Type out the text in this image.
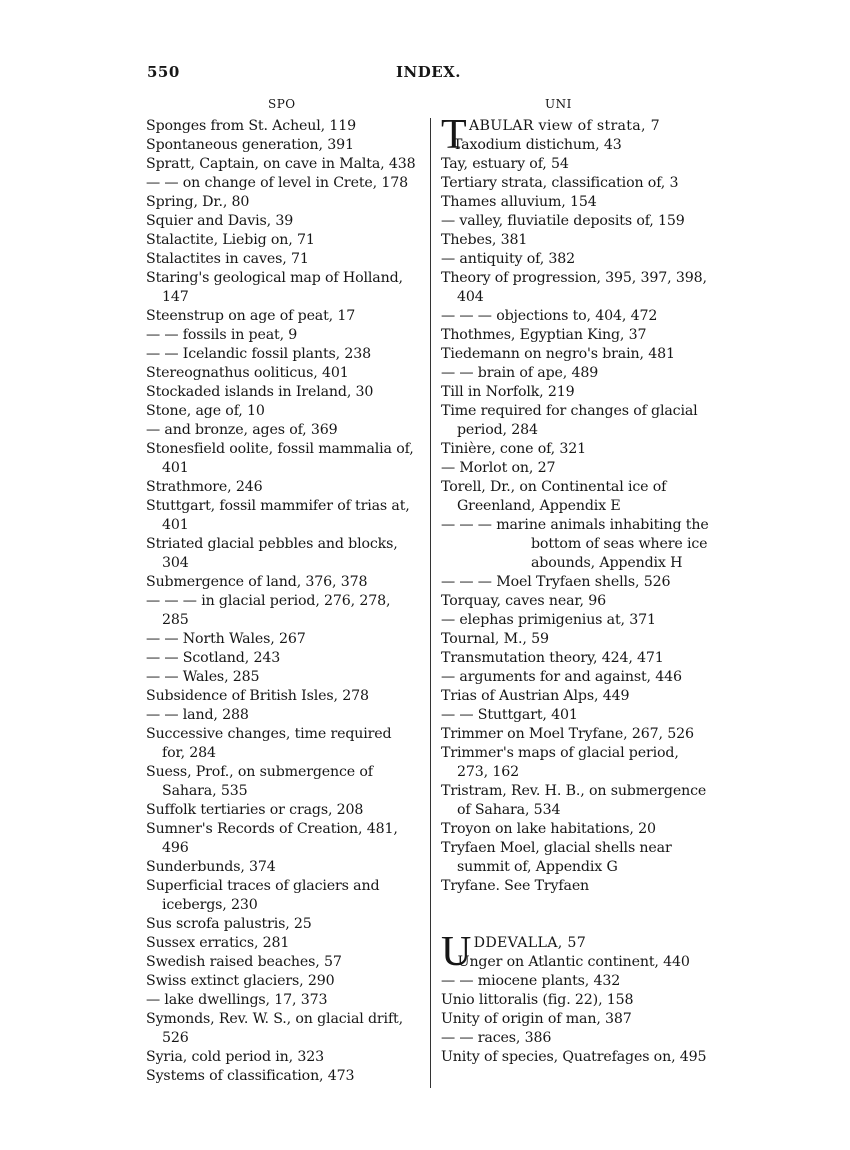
550	INDEX.
SPO	UNI
Sponges from St. Acheul, 119
Spontaneous generation, 391
Spratt, Captain, on cave in Malta, 438
— — on change of level in Crete, 178
Spring, Dr., 80
Squier and Davis, 39
Stalactite, Liebig on, 71
Stalactites in caves, 71
Staring's geological map of Holland, 147
Steenstrup on age of peat, 17
— — fossils in peat, 9
— — Icelandic fossil plants, 238
Stereognathus ooliticus, 401
Stockaded islands in Ireland, 30
Stone, age of, 10
— and bronze, ages of, 369
Stonesfield oolite, fossil mammalia of, 401
Strathmore, 246
Stuttgart, fossil mammifer of trias at, 401
Striated glacial pebbles and blocks, 304
Submergence of land, 376, 378
— — — in glacial period, 276, 278, 285
— — North Wales, 267
— — Scotland, 243
— — Wales, 285
Subsidence of British Isles, 278
— — land, 288
Successive changes, time required for, 284
Suess, Prof., on submergence of Sahara, 535
Suffolk tertiaries or crags, 208
Sumner's Records of Creation, 481, 496
Sunderbunds, 374
Superficial traces of glaciers and icebergs, 230
Sus scrofa palustris, 25
Sussex erratics, 281
Swedish raised beaches, 57
Swiss extinct glaciers, 290
— lake dwellings, 17, 373
Symonds, Rev. W. S., on glacial drift, 526
Syria, cold period in, 323
Systems of classification, 473
TABULAR view of strata, 7
Taxodium distichum, 43
Tay, estuary of, 54
Tertiary strata, classification of, 3
Thames alluvium, 154
— valley, fluviatile deposits of, 159
Thebes, 381
— antiquity of, 382
Theory of progression, 395, 397, 398, 404
— — — objections to, 404, 472
Thothmes, Egyptian King, 37
Tiedemann on negro's brain, 481
— — brain of ape, 489
Till in Norfolk, 219
Time required for changes of glacial period, 284
Tinière, cone of, 321
— Morlot on, 27
Torell, Dr., on Continental ice of Greenland, Appendix E
— — — marine animals inhabiting the bottom of seas where ice abounds, Appendix H
— — — Moel Tryfaen shells, 526
Torquay, caves near, 96
— elephas primigenius at, 371
Tournal, M., 59
Transmutation theory, 424, 471
— arguments for and against, 446
Trias of Austrian Alps, 449
— — Stuttgart, 401
Trimmer on Moel Tryfane, 267, 526
Trimmer's maps of glacial period, 273, 162
Tristram, Rev. H. B., on submergence of Sahara, 534
Troyon on lake habitations, 20
Tryfaen Moel, glacial shells near summit of, Appendix G
Tryfane. See Tryfaen
UDDEVALLA, 57
Unger on Atlantic continent, 440
— — miocene plants, 432
Unio littoralis (fig. 22), 158
Unity of origin of man, 387
— — races, 386
Unity of species, Quatrefages on, 495
